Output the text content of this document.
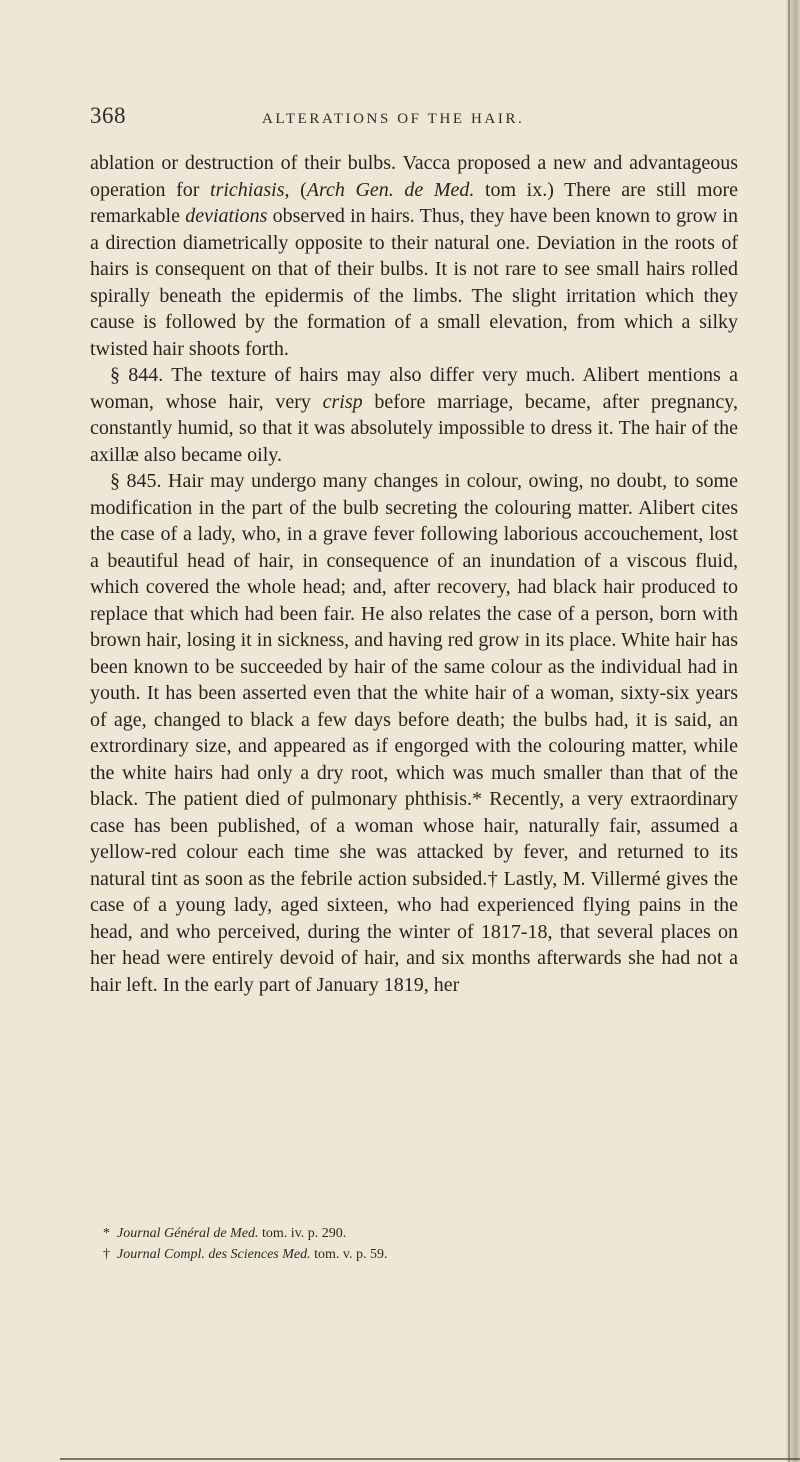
368	ALTERATIONS OF THE HAIR.

ablation or destruction of their bulbs. Vacca proposed a new and advantageous operation for trichiasis, (Arch Gen. de Med. tom ix.) There are still more remarkable deviations observed in hairs. Thus, they have been known to grow in a direction diametrically opposite to their natural one. Deviation in the roots of hairs is consequent on that of their bulbs. It is not rare to see small hairs rolled spirally beneath the epidermis of the limbs. The slight irritation which they cause is followed by the formation of a small elevation, from which a silky twisted hair shoots forth.

§ 844. The texture of hairs may also differ very much. Alibert mentions a woman, whose hair, very crisp before marriage, became, after pregnancy, constantly humid, so that it was absolutely impossible to dress it. The hair of the axillæ also became oily.

§ 845. Hair may undergo many changes in colour, owing, no doubt, to some modification in the part of the bulb secreting the colouring matter. Alibert cites the case of a lady, who, in a grave fever following laborious accouchement, lost a beautiful head of hair, in consequence of an inundation of a viscous fluid, which covered the whole head; and, after recovery, had black hair produced to replace that which had been fair. He also relates the case of a person, born with brown hair, losing it in sickness, and having red grow in its place. White hair has been known to be succeeded by hair of the same colour as the individual had in youth. It has been asserted even that the white hair of a woman, sixty-six years of age, changed to black a few days before death; the bulbs had, it is said, an extrordinary size, and appeared as if engorged with the colouring matter, while the white hairs had only a dry root, which was much smaller than that of the black. The patient died of pulmonary phthisis.* Recently, a very extraordinary case has been published, of a woman whose hair, naturally fair, assumed a yellow-red colour each time she was attacked by fever, and returned to its natural tint as soon as the febrile action subsided.† Lastly, M. Villermé gives the case of a young lady, aged sixteen, who had experienced flying pains in the head, and who perceived, during the winter of 1817-18, that several places on her head were entirely devoid of hair, and six months afterwards she had not a hair left. In the early part of January 1819, her

* Journal Général de Med. tom. iv. p. 290.
† Journal Compl. des Sciences Med. tom. v. p. 59.
